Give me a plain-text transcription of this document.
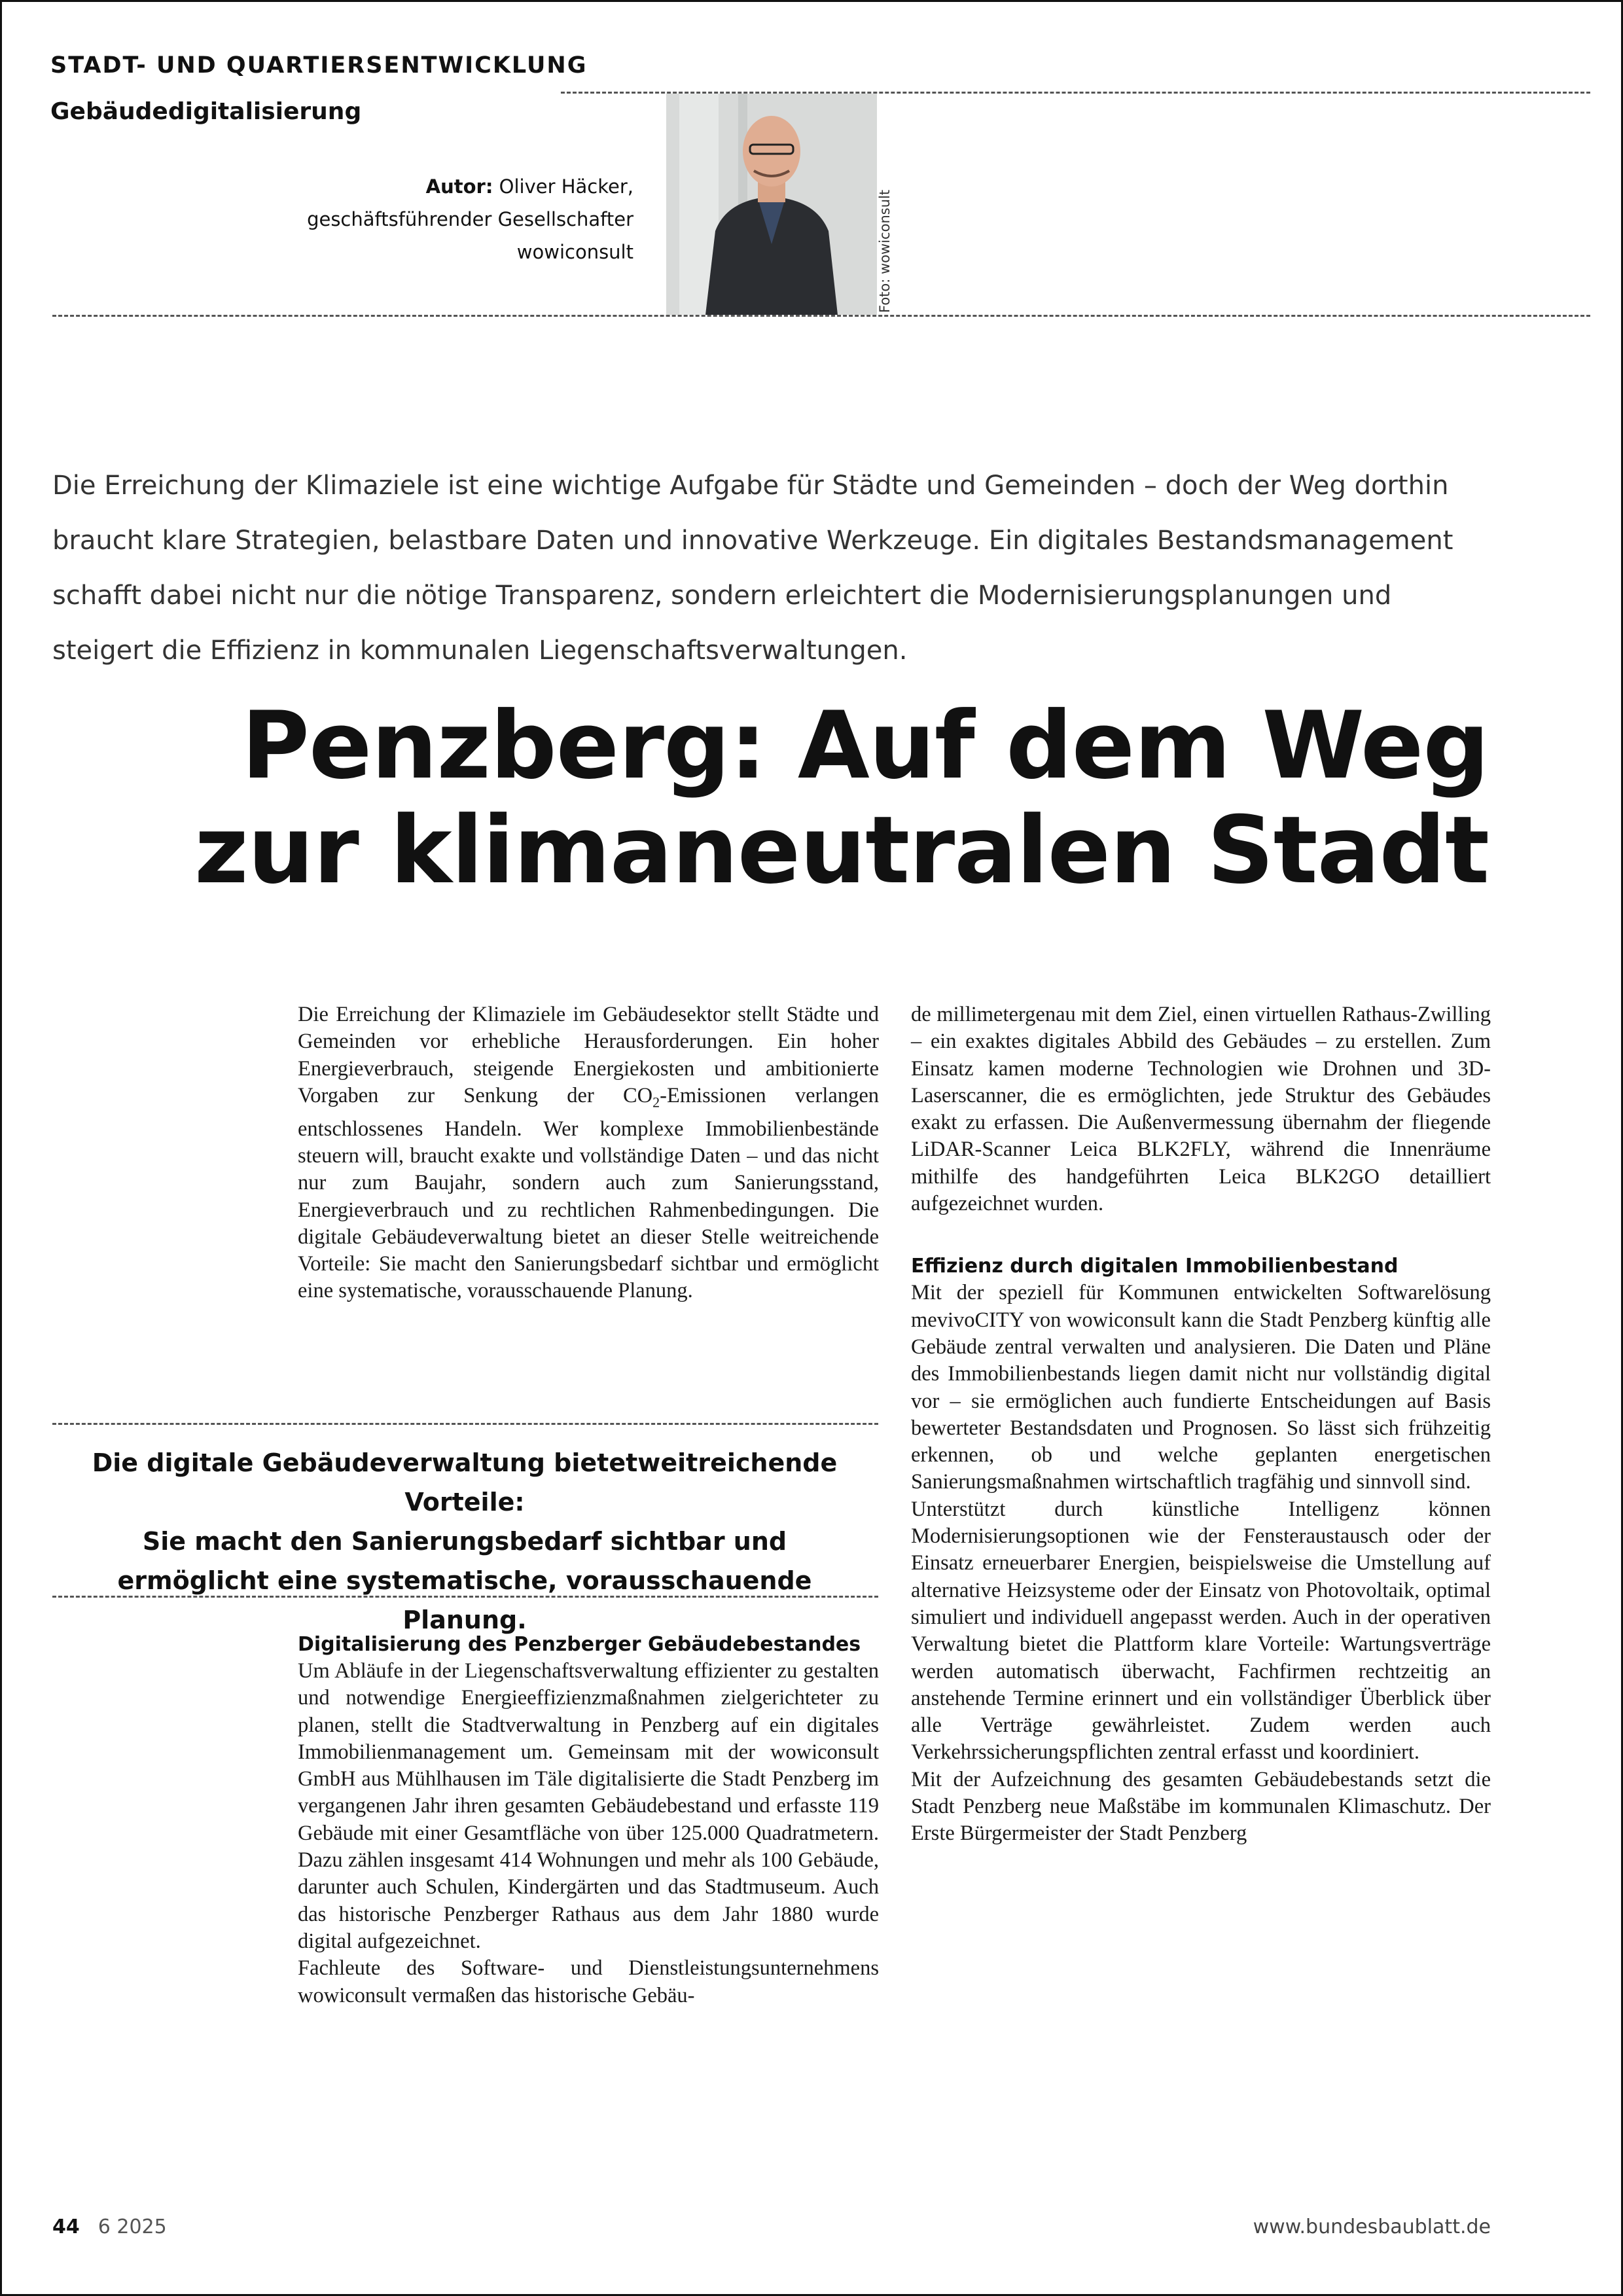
STADT- UND QUARTIERSENTWICKLUNG
Gebäudedigitalisierung
Autor: Oliver Häcker,
geschäftsführender Gesellschafter
wowiconsult	Foto: wowiconsult
Die Erreichung der Klimaziele ist eine wichtige Aufgabe für Städte und Gemeinden – doch der Weg dorthin braucht klare Strategien, belastbare Daten und innovative Werkzeuge. Ein digitales Bestandsmanagement schafft dabei nicht nur die nötige Transparenz, sondern erleichtert die Modernisierungsplanungen und steigert die Effizienz in kommunalen Liegenschaftsverwaltungen.
Penzberg: Auf dem Weg
zur klimaneutralen Stadt
Die Erreichung der Klimaziele im Gebäudesektor stellt Städte und Gemeinden vor erhebliche Herausforderungen. Ein hoher Energieverbrauch, steigende Energiekosten und ambitionierte Vorgaben zur Senkung der $CO_2$-Emissionen verlangen entschlossenes Handeln. Wer komplexe Immobilienbestände steuern will, braucht exakte und vollständige Daten – und das nicht nur zum Baujahr, sondern auch zum Sanierungsstand, Energieverbrauch und zu rechtlichen Rahmenbedingungen. Die digitale Gebäudeverwaltung bietet an dieser Stelle weitreichende Vorteile: Sie macht den Sanierungsbedarf sichtbar und ermöglicht eine systematische, vorausschauende Planung.
Die digitale Gebäudeverwaltung bietetweitreichende Vorteile:
Sie macht den Sanierungsbedarf sichtbar und
ermöglicht eine systematische, vorausschauende Planung.
Digitalisierung des Penzberger Gebäudebestandes

Um Abläufe in der Liegenschaftsverwaltung effizienter zu gestalten und notwendige Energieeffizienzmaßnahmen zielgerichteter zu planen, stellt die Stadtverwaltung in Penzberg auf ein digitales Immobilienmanagement um. Gemeinsam mit der wowiconsult GmbH aus Mühlhausen im Täle digitalisierte die Stadt Penzberg im vergangenen Jahr ihren gesamten Gebäudebestand und erfasste 119 Gebäude mit einer Gesamtfläche von über 125.000 Quadratmetern. Dazu zählen insgesamt 414 Wohnungen und mehr als 100 Gebäude, darunter auch Schulen, Kindergärten und das Stadtmuseum. Auch das historische Penzberger Rathaus aus dem Jahr 1880 wurde digital aufgezeichnet.

Fachleute des Software- und Dienstleistungsunternehmens wowiconsult vermaßen das historische Gebäu-

de millimetergenau mit dem Ziel, einen virtuellen Rathaus-Zwilling – ein exaktes digitales Abbild des Gebäudes – zu erstellen. Zum Einsatz kamen moderne Technologien wie Drohnen und 3D-Laserscanner, die es ermöglichten, jede Struktur des Gebäudes exakt zu erfassen. Die Außenvermessung übernahm der fliegende LiDAR-Scanner Leica BLK2FLY, während die Innenräume mithilfe des handgeführten Leica BLK2GO detailliert aufgezeichnet wurden.

Effizienz durch digitalen Immobilienbestand

Mit der speziell für Kommunen entwickelten Softwarelösung mevivoCITY von wowiconsult kann die Stadt Penzberg künftig alle Gebäude zentral verwalten und analysieren. Die Daten und Pläne des Immobilienbestands liegen damit nicht nur vollständig digital vor – sie ermöglichen auch fundierte Entscheidungen auf Basis bewerteter Bestandsdaten und Prognosen. So lässt sich frühzeitig erkennen, ob und welche geplanten energetischen Sanierungsmaßnahmen wirtschaftlich tragfähig und sinnvoll sind.

Unterstützt durch künstliche Intelligenz können Modernisierungsoptionen wie der Fensteraustausch oder der Einsatz erneuerbarer Energien, beispielsweise die Umstellung auf alternative Heizsysteme oder der Einsatz von Photovoltaik, optimal simuliert und individuell angepasst werden. Auch in der operativen Verwaltung bietet die Plattform klare Vorteile: Wartungsverträge werden automatisch überwacht, Fachfirmen rechtzeitig an anstehende Termine erinnert und ein vollständiger Überblick über alle Verträge gewährleistet. Zudem werden auch Verkehrssicherungspflichten zentral erfasst und koordiniert.

Mit der Aufzeichnung des gesamten Gebäudebestands setzt die Stadt Penzberg neue Maßstäbe im kommunalen Klimaschutz. Der Erste Bürgermeister der Stadt Penzberg

44 6 2025	www.bundesbaublatt.de
